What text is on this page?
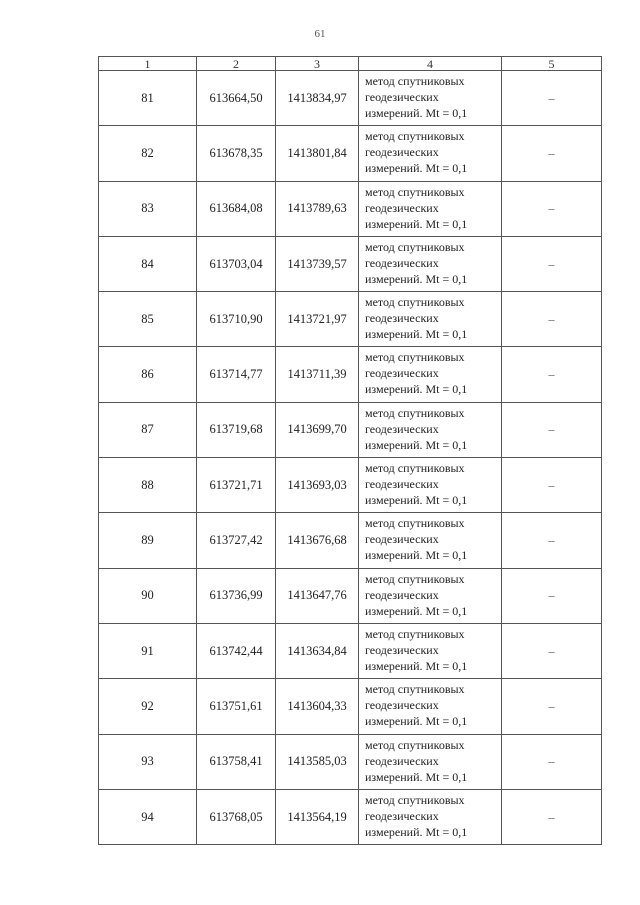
61
1	2	3	4	5
81	613664,50	1413834,97	метод спутниковых
геодезических
измерений. Mt = 0,1	–
82	613678,35	1413801,84	метод спутниковых
геодезических
измерений. Mt = 0,1	–
83	613684,08	1413789,63	метод спутниковых
геодезических
измерений. Mt = 0,1	–
84	613703,04	1413739,57	метод спутниковых
геодезических
измерений. Mt = 0,1	–
85	613710,90	1413721,97	метод спутниковых
геодезических
измерений. Mt = 0,1	–
86	613714,77	1413711,39	метод спутниковых
геодезических
измерений. Mt = 0,1	–
87	613719,68	1413699,70	метод спутниковых
геодезических
измерений. Mt = 0,1	–
88	613721,71	1413693,03	метод спутниковых
геодезических
измерений. Mt = 0,1	–
89	613727,42	1413676,68	метод спутниковых
геодезических
измерений. Mt = 0,1	–
90	613736,99	1413647,76	метод спутниковых
геодезических
измерений. Mt = 0,1	–
91	613742,44	1413634,84	метод спутниковых
геодезических
измерений. Mt = 0,1	–
92	613751,61	1413604,33	метод спутниковых
геодезических
измерений. Mt = 0,1	–
93	613758,41	1413585,03	метод спутниковых
геодезических
измерений. Mt = 0,1	–
94	613768,05	1413564,19	метод спутниковых
геодезических
измерений. Mt = 0,1	–
